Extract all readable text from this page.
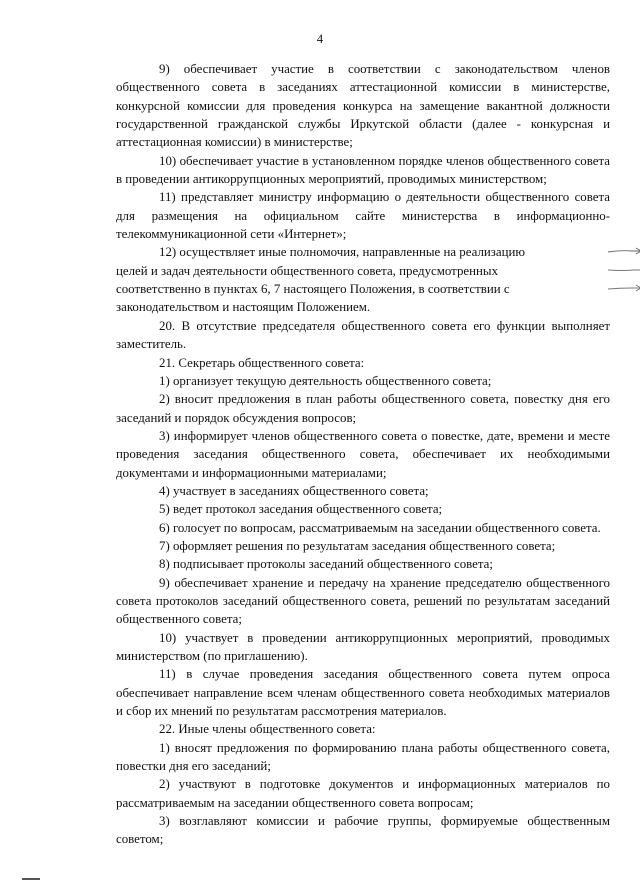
4

9) обеспечивает участие в соответствии с законодательством членов общественного совета в заседаниях аттестационной комиссии в министерстве, конкурсной комиссии для проведения конкурса на замещение вакантной должности государственной гражданской службы Иркутской области (далее - конкурсная и аттестационная комиссии) в министерстве;

10) обеспечивает участие в установленном порядке членов общественного совета в проведении антикоррупционных мероприятий, проводимых министерством;

11) представляет министру информацию о деятельности общественного совета для размещения на официальном сайте министерства в информационно-телекоммуникационной сети «Интернет»;

12) осуществляет иные полномочия, направленные на реализацию
целей и задач деятельности общественного совета, предусмотренных
соответственно в пунктах 6, 7 настоящего Положения, в соответствии с
законодательством и настоящим Положением.

20. В отсутствие председателя общественного совета его функции выполняет заместитель.

21. Секретарь общественного совета:

1) организует текущую деятельность общественного совета;

2) вносит предложения в план работы общественного совета, повестку дня его заседаний и порядок обсуждения вопросов;

3) информирует членов общественного совета о повестке, дате, времени и месте проведения заседания общественного совета, обеспечивает их необходимыми документами и информационными материалами;

4) участвует в заседаниях общественного совета;

5) ведет протокол заседания общественного совета;

6) голосует по вопросам, рассматриваемым на заседании общественного совета.

7) оформляет решения по результатам заседания общественного совета;

8) подписывает протоколы заседаний общественного совета;

9) обеспечивает хранение и передачу на хранение председателю общественного совета протоколов заседаний общественного совета, решений по результатам заседаний общественного совета;

10) участвует в проведении антикоррупционных мероприятий, проводимых министерством (по приглашению).

11) в случае проведения заседания общественного совета путем опроса обеспечивает направление всем членам общественного совета необходимых материалов и сбор их мнений по результатам рассмотрения материалов.

22. Иные члены общественного совета:

1) вносят предложения по формированию плана работы общественного совета, повестки дня его заседаний;

2) участвуют в подготовке документов и информационных материалов по рассматриваемым на заседании общественного совета вопросам;

3) возглавляют комиссии и рабочие группы, формируемые общественным советом;
